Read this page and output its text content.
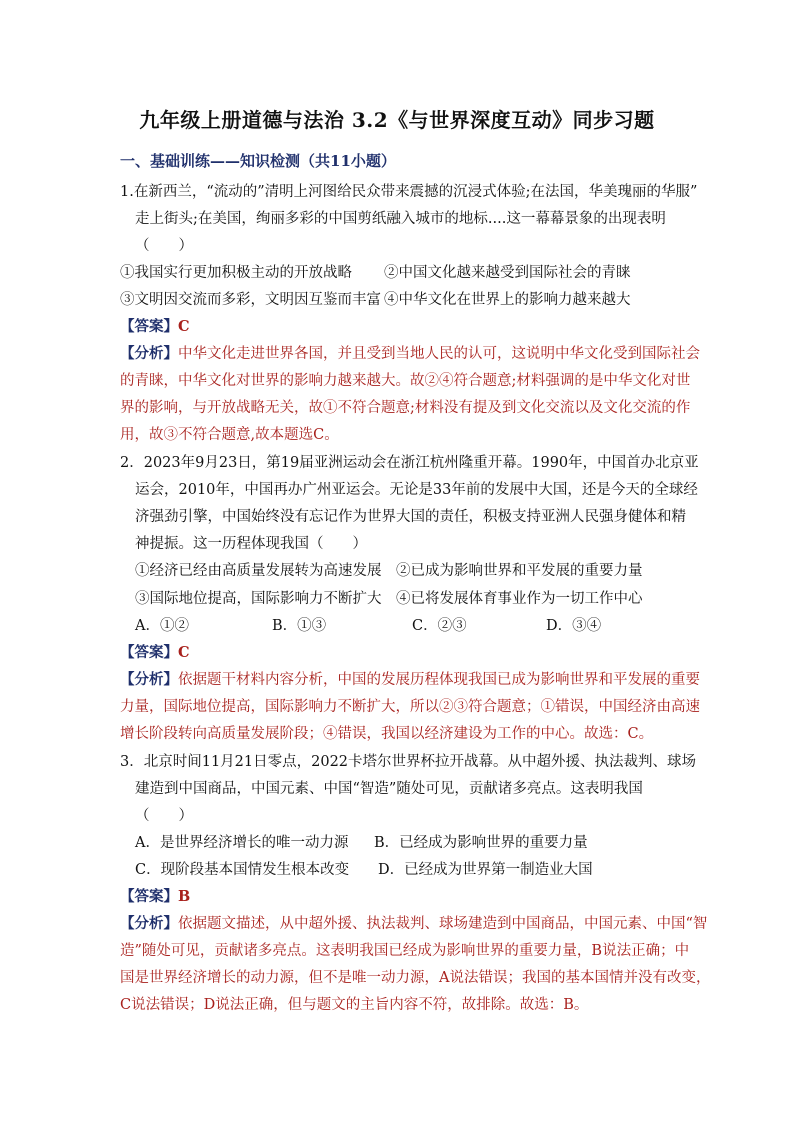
九年级上册道德与法治 3.2《与世界深度互动》同步习题
一、基础训练——知识检测（共11小题）
1.在新西兰，“流动的”清明上河图给民众带来震撼的沉浸式体验;在法国，华美瑰丽的华服”
走上街头;在美国，绚丽多彩的中国剪纸融入城市的地标....这一幕幕景象的出现表明
（　　）
①我国实行更加积极主动的开放战略 ②中国文化越来越受到国际社会的青睐
③文明因交流而多彩，文明因互鉴而丰富 ④中华文化在世界上的影响力越来越大
【答案】C
【分析】中华文化走进世界各国，并且受到当地人民的认可，这说明中华文化受到国际社会
的青睐，中华文化对世界的影响力越来越大。故②④符合题意;材料强调的是中华文化对世
界的影响，与开放战略无关，故①不符合题意;材料没有提及到文化交流以及文化交流的作
用，故③不符合题意,故本题选C。
2．2023年9月23日，第19届亚洲运动会在浙江杭州隆重开幕。1990年，中国首办北京亚
运会，2010年，中国再办广州亚运会。无论是33年前的发展中大国，还是今天的全球经
济强劲引擎，中国始终没有忘记作为世界大国的责任，积极支持亚洲人民强身健体和精
神提振。这一历程体现我国（　　）
①经济已经由高质量发展转为高速发展 ②已成为影响世界和平发展的重要力量
③国际地位提高，国际影响力不断扩大 ④已将发展体育事业作为一切工作中心
A．①②	B．①③	C．②③	D．③④
【答案】C
【分析】依据题干材料内容分析，中国的发展历程体现我国已成为影响世界和平发展的重要
力量，国际地位提高，国际影响力不断扩大，所以②③符合题意；①错误，中国经济由高速
增长阶段转向高质量发展阶段；④错误，我国以经济建设为工作的中心。故选：C。
3．北京时间11月21日零点，2022卡塔尔世界杯拉开战幕。从中超外援、执法裁判、球场
建造到中国商品，中国元素、中国“智造”随处可见，贡献诸多亮点。这表明我国
（　　）
A．是世界经济增长的唯一动力源 B．已经成为影响世界的重要力量
C．现阶段基本国情发生根本改变 D．已经成为世界第一制造业大国
【答案】B
【分析】依据题文描述，从中超外援、执法裁判、球场建造到中国商品，中国元素、中国“智
造”随处可见，贡献诸多亮点。这表明我国已经成为影响世界的重要力量，B说法正确；中
国是世界经济增长的动力源，但不是唯一动力源，A说法错误；我国的基本国情并没有改变，
C说法错误；D说法正确，但与题文的主旨内容不符，故排除。故选：B。
